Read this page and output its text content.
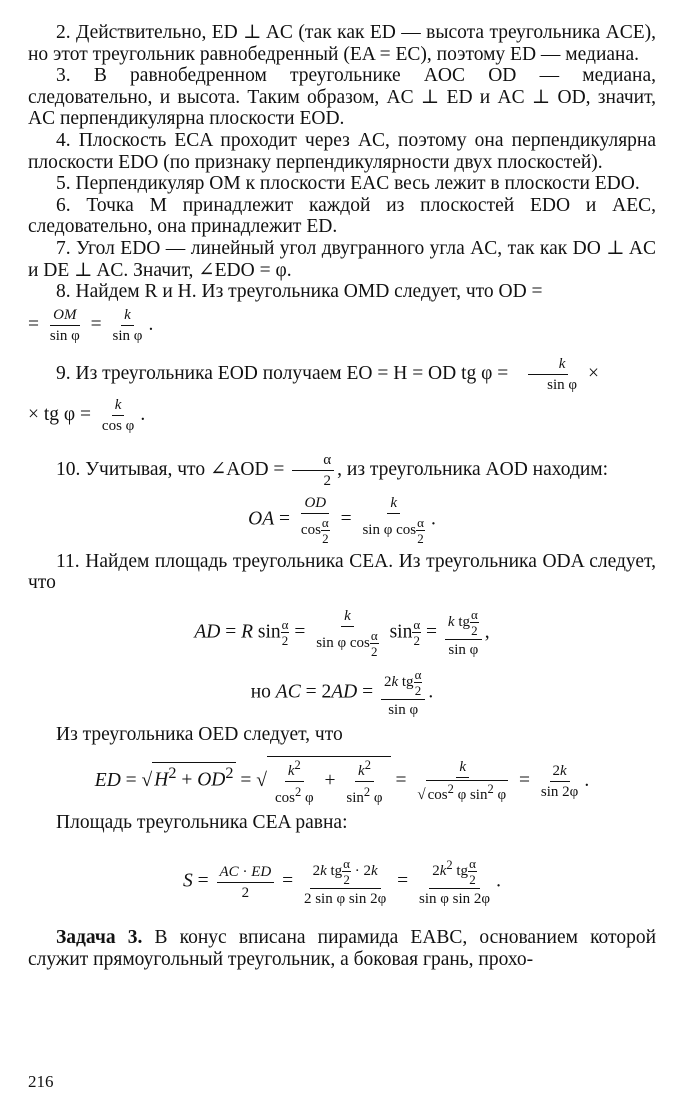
2. Действительно, ED ⊥ AC (так как ED — высота треугольника ACE), но этот треугольник равнобедренный (EA = EC), поэтому ED — медиана.

3. В равнобедренном треугольнике AOC OD — медиана, следовательно, и высота. Таким образом, AC ⊥ ED и AC ⊥ OD, значит, AC перпендикулярна плоскости EOD.

4. Плоскость ECA проходит через AC, поэтому она перпендикулярна плоскости EDO (по признаку перпендикулярности двух плоскостей).

5. Перпендикуляр OM к плоскости EAC весь лежит в плоскости EDO.

6. Точка M принадлежит каждой из плоскостей EDO и AEC, следовательно, она принадлежит ED.

7. Угол EDO — линейный угол двугранного угла AC, так как DO ⊥ AC и DE ⊥ AC. Значит, ∠EDO = φ.

8. Найдем R и H. Из треугольника OMD следует, что OD =

= $\frac{OM}{\text{sin φ}} = \frac{k}{\text{sin φ}}$ .
9. Из треугольника EOD получаем EO = H = OD tg $\varphi = \frac{k}{\text{sin φ}}$ ×
× tg $\varphi = \frac{k}{\text{cos φ}}$ .
10. Учитывая, что ∠AOD = $\frac{\alpha}{2}$ , из треугольника AOD находим:
OA = $\frac{OD}{\cos \frac{\alpha}{2}} = \frac{k}{\sin \varphi \cos \frac{\alpha}{2}}$ .

11. Найдем площадь треугольника CEA. Из треугольника ODA следует, что

AD = R $\sin \frac{\alpha}{2} = \frac{k}{\sin \varphi \cos \frac{\alpha}{2}}$ $\sin \frac{\alpha}{2} = \frac{k tg \frac{\alpha}{2}}{\text{sin φ}}$ ,
но AC = $2AD = \frac{2k tg \frac{\alpha}{2}}{\text{sin φ}}$ .

Из треугольника OED следует, что

ED = √ $H^2 + OD^2$ = √ $\frac{k^2}{\cos^2 \varphi} + \frac{k^2}{\sin^2 \varphi} = \frac{k}{√ \cos^2 \varphi \sin^2 \varphi} = \frac{2k}{\sin 2\varphi}$ .

Площадь треугольника CEA равна:

$S = \frac{AC \cdot ED}{2} = \frac{2k tg \frac{\alpha}{2} \cdot 2k}{\text{2 sin φ sin 2φ}} = \frac{2k^2 tg \frac{\alpha}{2}}{\text{sin φ sin 2φ}}$ .

Задача 3. В конус вписана пирамида EABC, основанием которой служит прямоугольный треугольник, а боковая грань, прохо-

216
